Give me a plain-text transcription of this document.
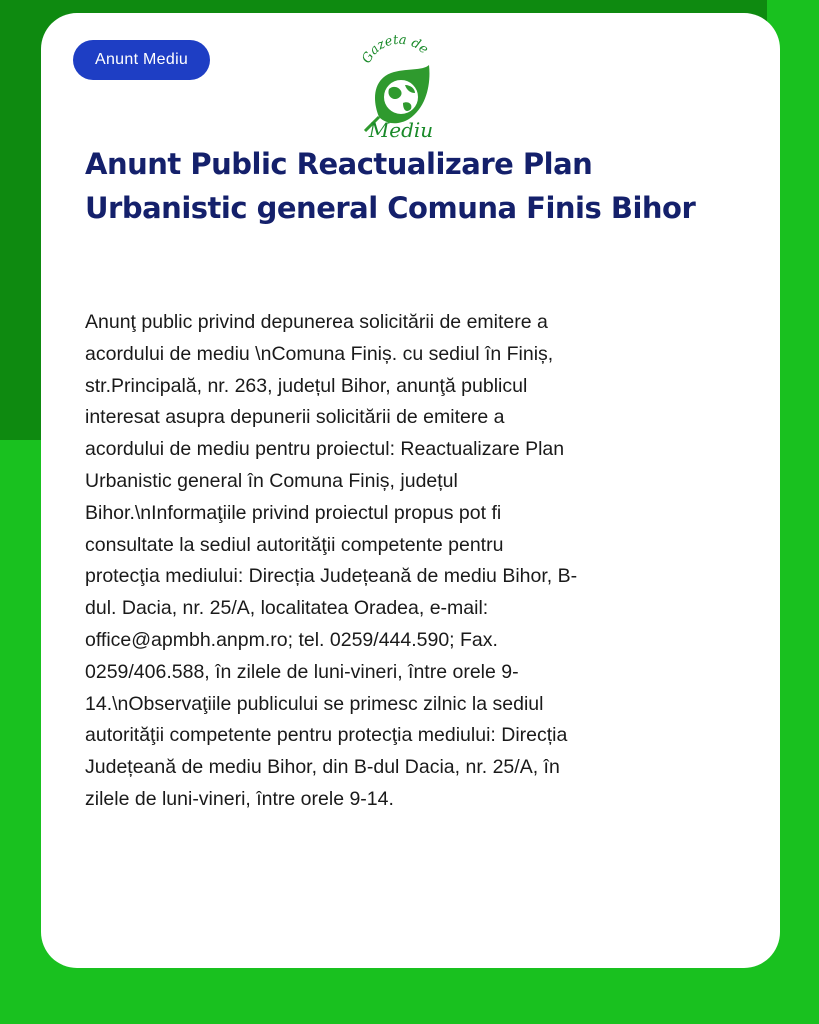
Anunt Mediu	Gazeta de
Mediu
Anunt Public Reactualizare Plan Urbanistic general Comuna Finis Bihor
Anunţ public privind depunerea solicitării de emitere a
acordului de mediu \nComuna Finiș. cu sediul în Finiș,
str.Principală, nr. 263, județul Bihor, anunţă publicul
interesat asupra depunerii solicitării de emitere a
acordului de mediu pentru proiectul: Reactualizare Plan
Urbanistic general în Comuna Finiș, județul
Bihor.\nInformaţiile privind proiectul propus pot fi
consultate la sediul autorităţii competente pentru
protecţia mediului: Direcția Județeană de mediu Bihor, B-
dul. Dacia, nr. 25/A, localitatea Oradea, e-mail:
office@apmbh.anpm.ro; tel. 0259/444.590; Fax.
0259/406.588, în zilele de luni-vineri, între orele 9-
14.\nObservaţiile publicului se primesc zilnic la sediul
autorităţii competente pentru protecţia mediului: Direcția
Județeană de mediu Bihor, din B-dul Dacia, nr. 25/A, în
zilele de luni-vineri, între orele 9-14.
